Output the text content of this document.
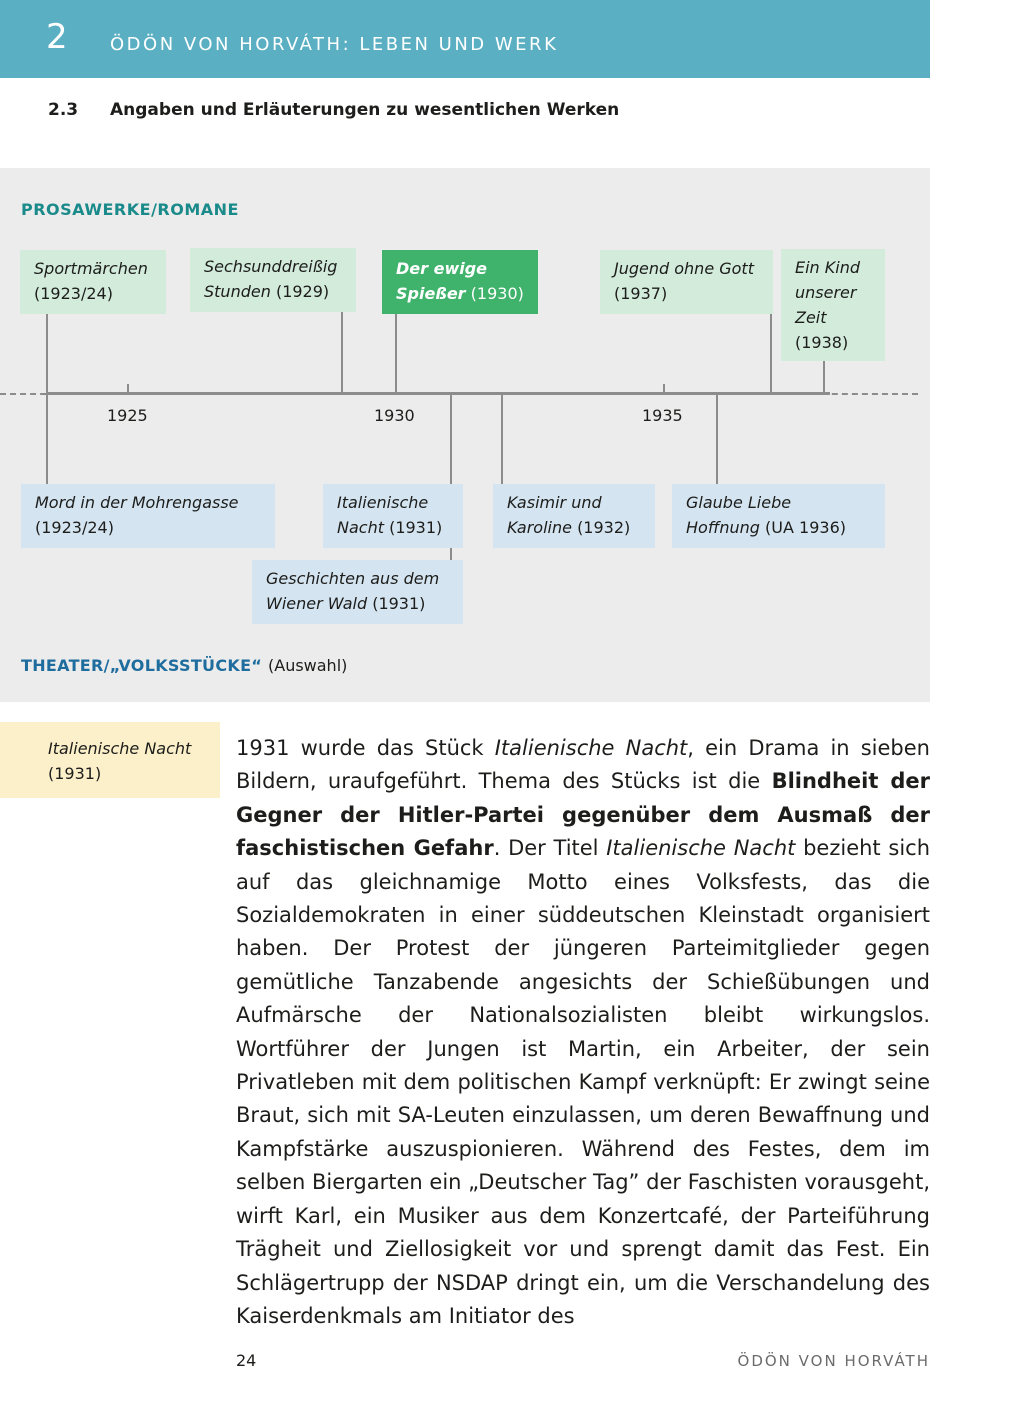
2 ÖDÖN VON HORVÁTH: LEBEN UND WERK
2.3 Angaben und Erläuterungen zu wesentlichen Werken
PROSAWERKE/ROMANE
1925	1930	1935
Sportmärchen
(1923/24)
Sechsunddreißig
Stunden (1929)
Der ewige
Spießer (1930)
Jugend ohne Gott
(1937)
Ein Kind
unserer
Zeit
(1938)
Mord in der Mohrengasse
(1923/24)
Italienische
Nacht (1931)
Kasimir und
Karoline (1932)
Glaube Liebe
Hoffnung (UA 1936)
Geschichten aus dem
Wiener Wald (1931)
THEATER/„VOLKSSTÜCKE“ (Auswahl)
Italienische Nacht
(1931)
1931 wurde das Stück Italienische Nacht, ein Drama in sieben Bildern, uraufgeführt. Thema des Stücks ist die Blindheit der Gegner der Hitler-Partei gegenüber dem Ausmaß der faschistischen Gefahr. Der Titel Italienische Nacht bezieht sich auf das gleichnamige Motto eines Volksfests, das die Sozialdemokraten in einer süddeutschen Kleinstadt organisiert haben. Der Protest der jüngeren Parteimitglieder gegen gemütliche Tanzabende angesichts der Schießübungen und Aufmärsche der Nationalsozialisten bleibt wirkungslos. Wortführer der Jungen ist Martin, ein Arbeiter, der sein Privatleben mit dem politischen Kampf verknüpft: Er zwingt seine Braut, sich mit SA-Leuten einzulassen, um deren Bewaffnung und Kampfstärke auszuspionieren. Während des Festes, dem im selben Biergarten ein „Deutscher Tag” der Faschisten vorausgeht, wirft Karl, ein Musiker aus dem Konzertcafé, der Parteiführung Trägheit und Ziellosigkeit vor und sprengt damit das Fest. Ein Schlägertrupp der NSDAP dringt ein, um die Verschandelung des Kaiserdenkmals am Initiator des
24	ÖDÖN VON HORVÁTH
